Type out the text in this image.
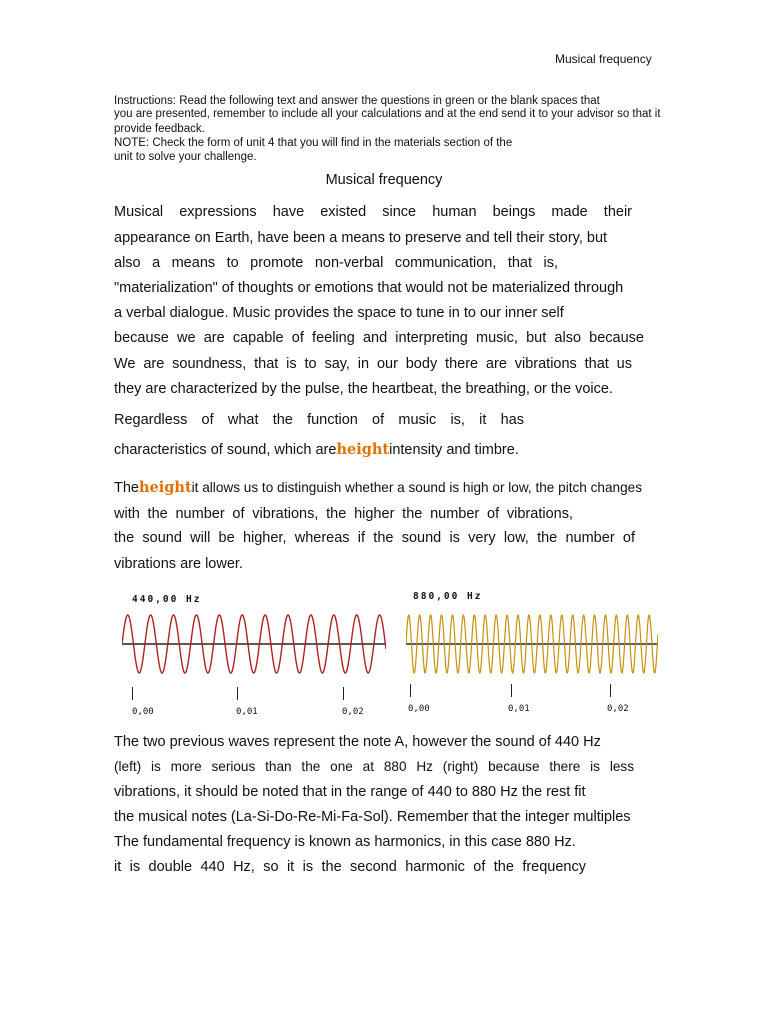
Musical frequency
Instructions: Read the following text and answer the questions in green or the blank spaces that
you are presented, remember to include all your calculations and at the end send it to your advisor so that it
provide feedback.
NOTE: Check the form of unit 4 that you will find in the materials section of the
unit to solve your challenge.
Musical frequency
Musical expressions have existed since human beings made their
appearance on Earth, have been a means to preserve and tell their story, but
also a means to promote non-verbal communication, that is,
"materialization" of thoughts or emotions that would not be materialized through
a verbal dialogue. Music provides the space to tune in to our inner self
because we are capable of feeling and interpreting music, but also because
We are soundness, that is to say, in our body there are vibrations that us
they are characterized by the pulse, the heartbeat, the breathing, or the voice.
Regardless of what the function of music is, it has
characteristics of sound, which areheightintensity and timbre.
Theheightit allows us to distinguish whether a sound is high or low, the pitch changes
with the number of vibrations, the higher the number of vibrations,
the sound will be higher, whereas if the sound is very low, the number of
vibrations are lower.
440,00 Hz
0,00	0,01	0,02
880,00 Hz
0,00	0,01	0,02
The two previous waves represent the note A, however the sound of 440 Hz
(left) is more serious than the one at 880 Hz (right) because there is less
vibrations, it should be noted that in the range of 440 to 880 Hz the rest fit
the musical notes (La-Si-Do-Re-Mi-Fa-Sol). Remember that the integer multiples
The fundamental frequency is known as harmonics, in this case 880 Hz.
it is double 440 Hz, so it is the second harmonic of the frequency
